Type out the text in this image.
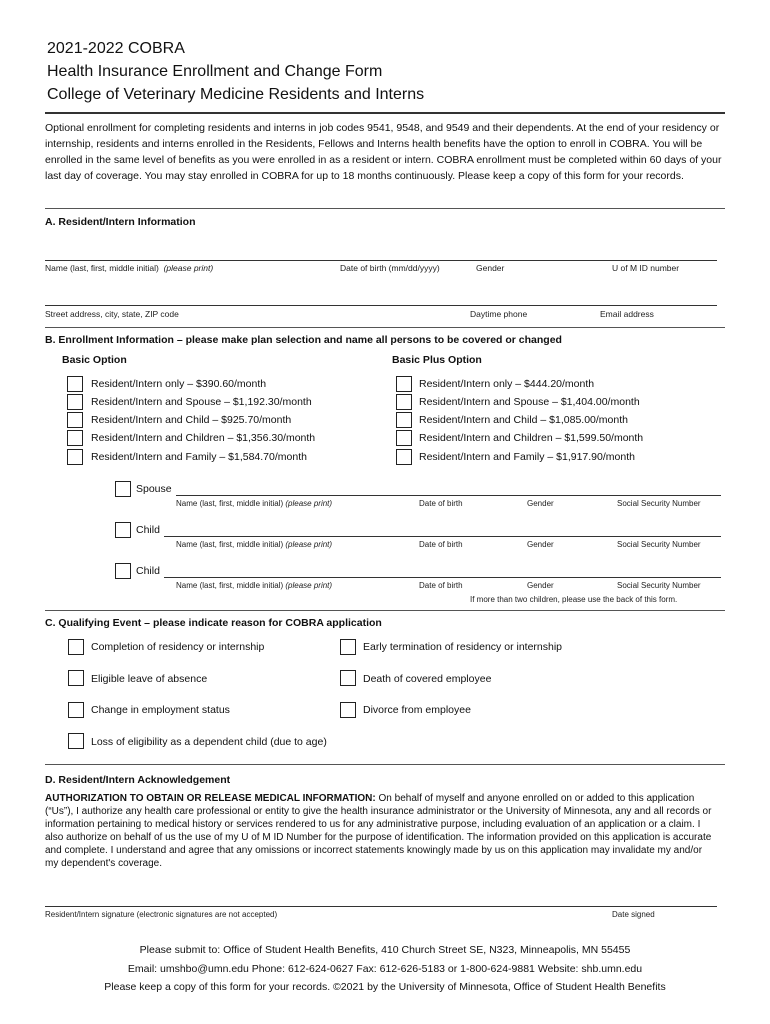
2021-2022 COBRA
Health Insurance Enrollment and Change Form
College of Veterinary Medicine Residents and Interns
Optional enrollment for completing residents and interns in job codes 9541, 9548, and 9549 and their dependents. At the end of your residency or internship, residents and interns enrolled in the Residents, Fellows and Interns health benefits have the option to enroll in COBRA. You will be enrolled in the same level of benefits as you were enrolled in as a resident or intern. COBRA enrollment must be completed within 60 days of your last day of coverage. You may stay enrolled in COBRA for up to 18 months continuously. Please keep a copy of this form for your records.
A. Resident/Intern Information
Name (last, first, middle initial) (please print)	Date of birth (mm/dd/yyyy)	Gender	U of M ID number
Street address, city, state, ZIP code	Daytime phone	Email address
B. Enrollment Information – please make plan selection and name all persons to be covered or changed
Basic Option	Basic Plus Option
Resident/Intern only – $390.60/month
Resident/Intern and Spouse – $1,192.30/month
Resident/Intern and Child – $925.70/month
Resident/Intern and Children – $1,356.30/month
Resident/Intern and Family – $1,584.70/month
Resident/Intern only – $444.20/month
Resident/Intern and Spouse – $1,404.00/month
Resident/Intern and Child – $1,085.00/month
Resident/Intern and Children – $1,599.50/month
Resident/Intern and Family – $1,917.90/month
Spouse
Name (last, first, middle initial) (please print)	Date of birth	Gender	Social Security Number
Child
Name (last, first, middle initial) (please print)	Date of birth	Gender	Social Security Number
Child
Name (last, first, middle initial) (please print)	Date of birth	Gender	Social Security Number
If more than two children, please use the back of this form.
C. Qualifying Event – please indicate reason for COBRA application
Completion of residency or internship	Early termination of residency or internship
Eligible leave of absence	Death of covered employee
Change in employment status	Divorce from employee
Loss of eligibility as a dependent child (due to age)
D. Resident/Intern Acknowledgement
AUTHORIZATION TO OBTAIN OR RELEASE MEDICAL INFORMATION: On behalf of myself and anyone enrolled on or added to this application (“Us”), I authorize any health care professional or entity to give the health insurance administrator or the University of Minnesota, any and all records or information pertaining to medical history or services rendered to us for any administrative purpose, including evaluation of an application or a claim. I also authorize on behalf of us the use of my U of M ID Number for the purpose of identification. The information provided on this application is accurate and complete. I understand and agree that any omissions or incorrect statements knowingly made by us on this application may invalidate my and/or my dependent's coverage.
Resident/Intern signature (electronic signatures are not accepted)	Date signed
Please submit to: Office of Student Health Benefits, 410 Church Street SE, N323, Minneapolis, MN 55455
Email: umshbo@umn.edu Phone: 612-624-0627 Fax: 612-626-5183 or 1-800-624-9881 Website: shb.umn.edu
Please keep a copy of this form for your records. ©2021 by the University of Minnesota, Office of Student Health Benefits
